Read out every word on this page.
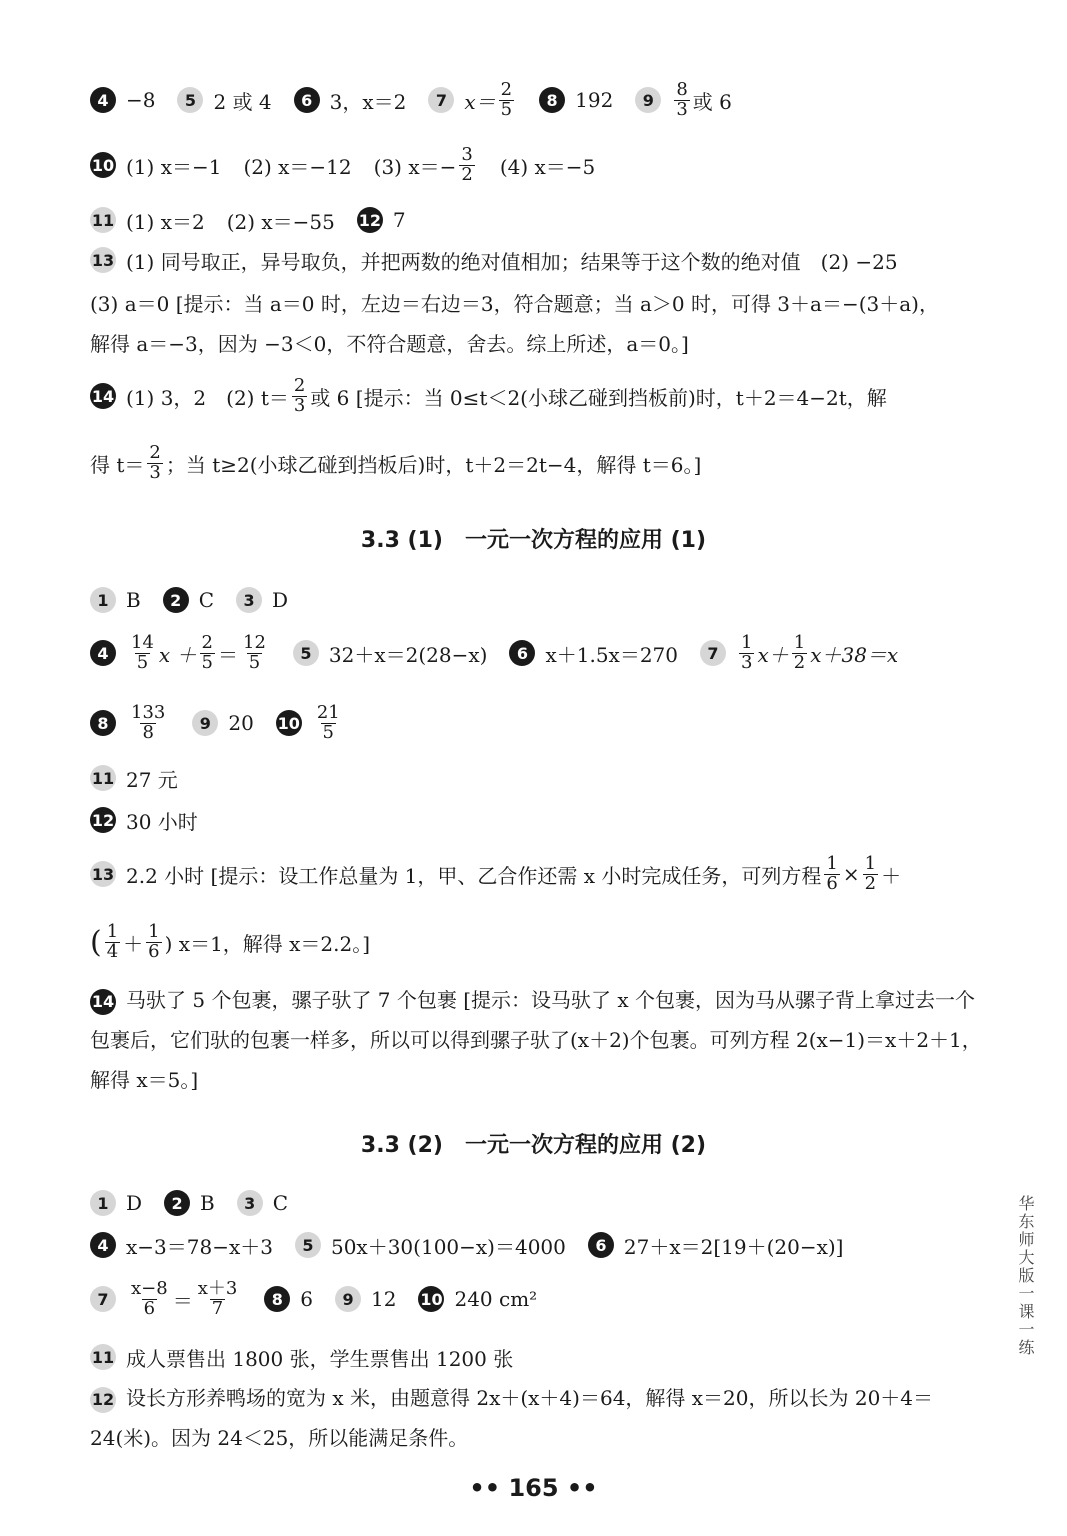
4 −8	5 2 或 4	6 3，x＝2	7 $x= \frac{2}{5}$	8 192	9	$\frac{8}{3}$ 或 6
10 (1) x＝−1 (2) x＝−12 (3) $x=- \frac{3}{2} (4)$ x＝−5
11 (1) x＝2 (2) x＝−55 12 7
13 (1) 同号取正，异号取负，并把两数的绝对值相加；结果等于这个数的绝对值　(2) −25
(3) a＝0 [提示：当 a＝0 时，左边＝右边＝3，符合题意；当 a＞0 时，可得 3＋a＝−(3＋a)，
解得 a＝−3，因为 −3＜0，不符合题意，舍去。综上所述，a＝0。]
14 (1) 3，2　(2) $t= \frac{2}{3}$ 或 6 [提示：当 0≤t＜2(小球乙碰到挡板前)时，t＋2＝4−2t，解
得 $t= \frac{2}{3}$ ；当 t≥2(小球乙碰到挡板后)时，t＋2＝2t−4，解得 t＝6。]
3.3 (1)　一元一次方程的应用 (1)
1 B	2 C	3 D
4	$\frac{14}{5}$ $x + \frac{2}{5} = \frac{12}{5}$	5 32＋x＝2(28−x)	6 x＋1.5x＝270	7	$\frac{1}{3} x+ \frac{1}{2} x+38=x$
8	$\frac{133}{8}$	9 20 $10 \frac{21}{5}$
11 27 元
12 30 小时
13 2.2 小时 [提示：设工作总量为 1，甲、乙合作还需 x 小时完成任务，可列方程 $\frac{1}{6} \times \frac{1}{2}$ ＋
( $\frac{1}{4} + \frac{1}{6}$ ) x＝1，解得 x＝2.2。]
14 马驮了 5 个包裹，骡子驮了 7 个包裹 [提示：设马驮了 x 个包裹，因为马从骡子背上拿过去一个包裹后，它们驮的包裹一样多，所以可以得到骡子驮了(x＋2)个包裹。可列方程 2(x−1)＝x＋2＋1，解得 x＝5。]
3.3 (2)　一元一次方程的应用 (2)
1 D	2 B	3 C
4 x−3＝78−x＋3	5 50x＋30(100−x)＝4000	6 27＋x＝2[19＋(20−x)]
7	$\frac{x-8}{6} = \frac{x+3}{7}$	8 6	9 12 10 240 cm²
11 成人票售出 1800 张，学生票售出 1200 张
12 设长方形养鸭场的宽为 x 米，由题意得 2x＋(x＋4)＝64，解得 x＝20，所以长为 20＋4＝24(米)。因为 24＜25，所以能满足条件。
华东师大版一课一练
•• 165 ••
